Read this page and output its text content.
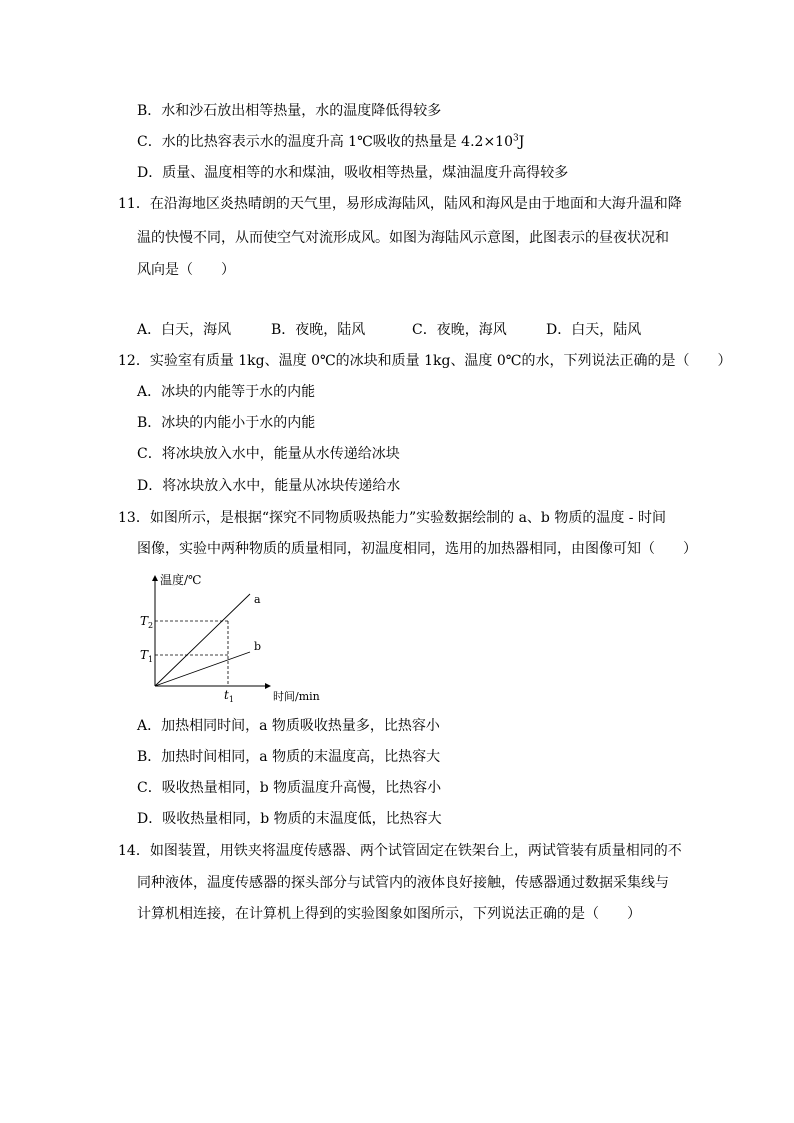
B．水和沙石放出相等热量，水的温度降低得较多
C．水的比热容表示水的温度升高 1℃吸收的热量是 $4.2\times 10^3J$
D．质量、温度相等的水和煤油，吸收相等热量，煤油温度升高得较多
11．在沿海地区炎热晴朗的天气里，易形成海陆风，陆风和海风是由于地面和大海升温和降
温的快慢不同，从而使空气对流形成风。如图为海陆风示意图，此图表示的昼夜状况和
风向是（　　）
A．白天，海风	B．夜晚，陆风	C．夜晚，海风	D．白天，陆风
12．实验室有质量 1kg、温度 0℃的冰块和质量 1kg、温度 0℃的水，下列说法正确的是（　　）
A．冰块的内能等于水的内能
B．冰块的内能小于水的内能
C．将冰块放入水中，能量从水传递给冰块
D．将冰块放入水中，能量从冰块传递给水
13．如图所示，是根据“探究不同物质吸热能力”实验数据绘制的 a、b 物质的温度 - 时间
图像，实验中两种物质的质量相同，初温度相同，选用的加热器相同，由图像可知（　　）
温度/℃
时间/min
a
b
$T_2$
$T_1$
$t_1$
A．加热相同时间，a 物质吸收热量多，比热容小
B．加热时间相同，a 物质的末温度高，比热容大
C．吸收热量相同，b 物质温度升高慢，比热容小
D．吸收热量相同，b 物质的末温度低，比热容大
14．如图装置，用铁夹将温度传感器、两个试管固定在铁架台上，两试管装有质量相同的不
同种液体，温度传感器的探头部分与试管内的液体良好接触，传感器通过数据采集线与
计算机相连接，在计算机上得到的实验图象如图所示，下列说法正确的是（　　）
